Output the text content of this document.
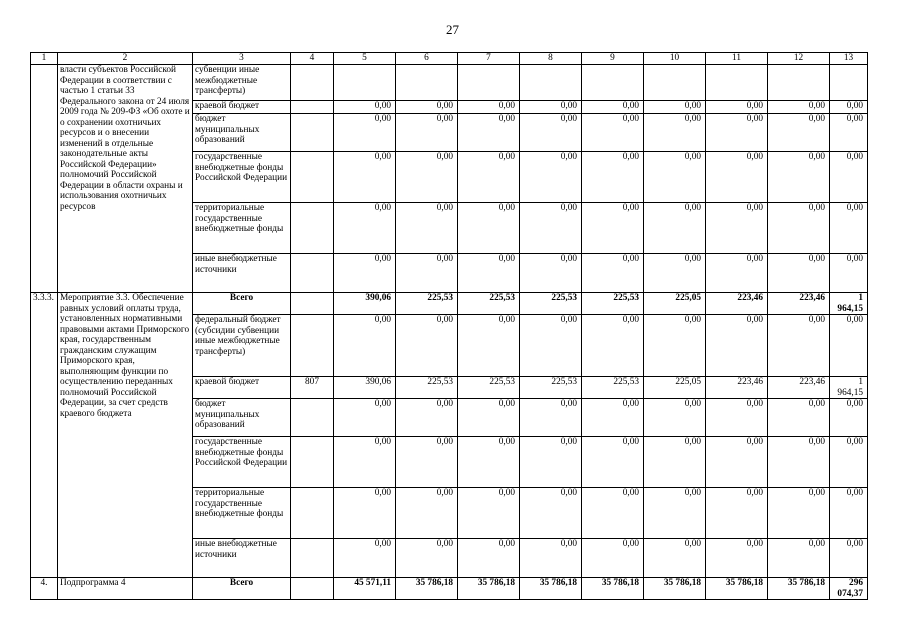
27
1	2	3	4	5	6	7	8	9	10	11	12	13
	власти субъектов Российской Федерации в соответствии с частью 1 статьи 33 Федерального закона от 24 июля 2009 года № 209-ФЗ «Об охоте и о сохранении охотничьих ресурсов и о внесении изменений в отдельные законодательные акты Российской Федерации» полномочий Российской Федерации в области охраны и использования охотничьих ресурсов	субвенции иные межбюджетные трансферты)										
		краевой бюджет		0,00	0,00	0,00	0,00	0,00	0,00	0,00	0,00	0,00
		бюджет муниципальных образований		0,00	0,00	0,00	0,00	0,00	0,00	0,00	0,00	0,00
		государственные внебюджетные фонды Российской Федерации		0,00	0,00	0,00	0,00	0,00	0,00	0,00	0,00	0,00
		территориальные государственные внебюджетные фонды		0,00	0,00	0,00	0,00	0,00	0,00	0,00	0,00	0,00
		иные внебюджетные источники		0,00	0,00	0,00	0,00	0,00	0,00	0,00	0,00	0,00
3.3.3.	Мероприятие 3.3. Обеспечение равных условий оплаты труда, установленных нормативными правовыми актами Приморского края, государственным гражданским служащим Приморского края, выполняющим функции по осуществлению переданных полномочий Российской Федерации, за счет средств краевого бюджета	Всего		390,06	225,53	225,53	225,53	225,53	225,05	223,46	223,46	1 964,15
		федеральный бюджет (субсидии субвенции иные межбюджетные трансферты)		0,00	0,00	0,00	0,00	0,00	0,00	0,00	0,00	0,00
		краевой бюджет	807	390,06	225,53	225,53	225,53	225,53	225,05	223,46	223,46	1 964,15
		бюджет муниципальных образований		0,00	0,00	0,00	0,00	0,00	0,00	0,00	0,00	0,00
		государственные внебюджетные фонды Российской Федерации		0,00	0,00	0,00	0,00	0,00	0,00	0,00	0,00	0,00
		территориальные государственные внебюджетные фонды		0,00	0,00	0,00	0,00	0,00	0,00	0,00	0,00	0,00
		иные внебюджетные источники		0,00	0,00	0,00	0,00	0,00	0,00	0,00	0,00	0,00
4.	Подпрограмма 4	Всего		45 571,11	35 786,18	35 786,18	35 786,18	35 786,18	35 786,18	35 786,18	35 786,18	296 074,37
